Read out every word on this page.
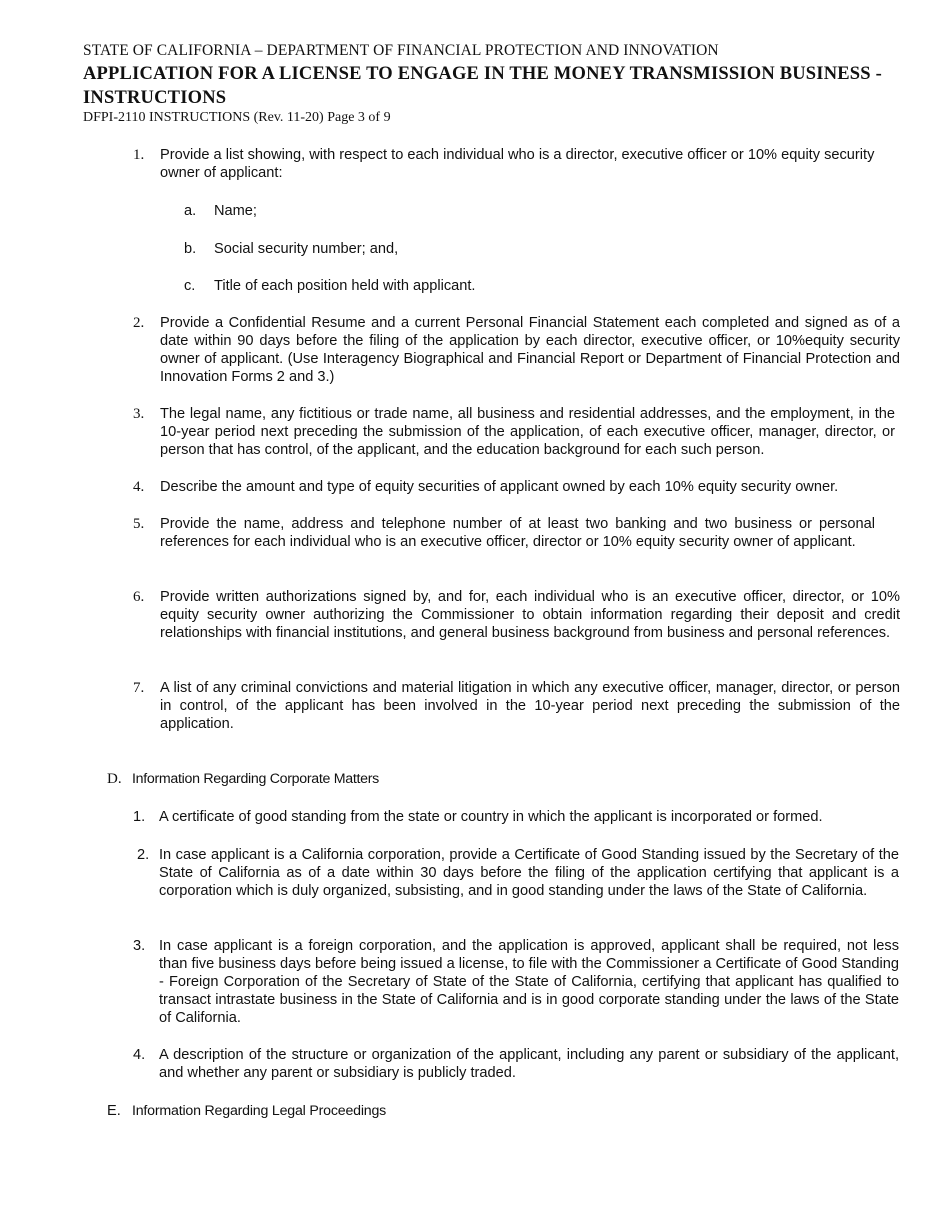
STATE OF CALIFORNIA – DEPARTMENT OF FINANCIAL PROTECTION AND INNOVATION
APPLICATION FOR A LICENSE TO ENGAGE IN THE MONEY TRANSMISSION BUSINESS - INSTRUCTIONS
DFPI-2110 INSTRUCTIONS (Rev. 11-20) Page 3 of 9
1. Provide a list showing, with respect to each individual who is a director, executive officer or 10% equity security owner of applicant:
a. Name;
b. Social security number; and,
c. Title of each position held with applicant.
2. Provide a Confidential Resume and a current Personal Financial Statement each completed and signed as of a date within 90 days before the filing of the application by each director, executive officer, or 10%equity security owner of applicant. (Use Interagency Biographical and Financial Report or Department of Financial Protection and Innovation Forms 2 and 3.)
3. The legal name, any fictitious or trade name, all business and residential addresses, and the employment, in the 10-year period next preceding the submission of the application, of each executive officer, manager, director, or person that has control, of the applicant, and the education background for each such person.
4. Describe the amount and type of equity securities of applicant owned by each 10% equity security owner.
5. Provide the name, address and telephone number of at least two banking and two business or personal references for each individual who is an executive officer, director or 10% equity security owner of applicant.
6. Provide written authorizations signed by, and for, each individual who is an executive officer, director, or 10% equity security owner authorizing the Commissioner to obtain information regarding their deposit and credit relationships with financial institutions, and general business background from business and personal references.
7. A list of any criminal convictions and material litigation in which any executive officer, manager, director, or person in control, of the applicant has been involved in the 10-year period next preceding the submission of the application.
D. Information Regarding Corporate Matters
1. A certificate of good standing from the state or country in which the applicant is incorporated or formed.
2. In case applicant is a California corporation, provide a Certificate of Good Standing issued by the Secretary of the State of California as of a date within 30 days before the filing of the application certifying that applicant is a corporation which is duly organized, subsisting, and in good standing under the laws of the State of California.
3. In case applicant is a foreign corporation, and the application is approved, applicant shall be required, not less than five business days before being issued a license, to file with the Commissioner a Certificate of Good Standing - Foreign Corporation of the Secretary of State of the State of California, certifying that applicant has qualified to transact intrastate business in the State of California and is in good corporate standing under the laws of the State of California.
4. A description of the structure or organization of the applicant, including any parent or subsidiary of the applicant, and whether any parent or subsidiary is publicly traded.
E. Information Regarding Legal Proceedings
